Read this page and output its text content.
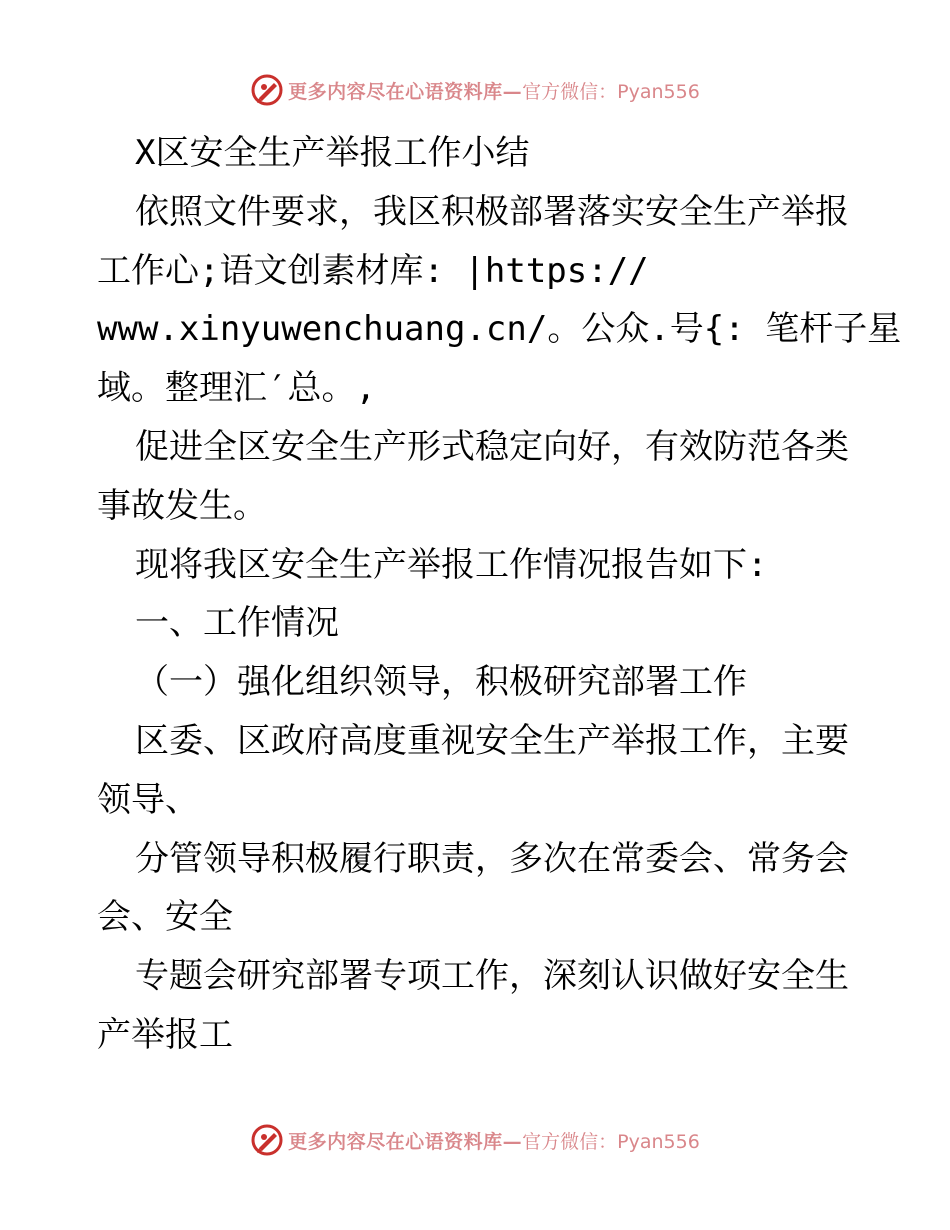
更多内容尽在心语资料库— 官方微信：Pyan556
X区安全生产举报工作小结
依照文件要求，我区积极部署落实安全生产举报
工作心;语文创素材库: |https://
www.xinyuwenchuang.cn/。公众.号{: 笔杆子星
域。整理汇′总。,
促进全区安全生产形式稳定向好，有效防范各类
事故发生。
现将我区安全生产举报工作情况报告如下:
一、工作情况
（一）强化组织领导，积极研究部署工作
区委、区政府高度重视安全生产举报工作，主要
领导、
分管领导积极履行职责，多次在常委会、常务会
会、安全
专题会研究部署专项工作，深刻认识做好安全生
产举报工
更多内容尽在心语资料库— 官方微信：Pyan556
